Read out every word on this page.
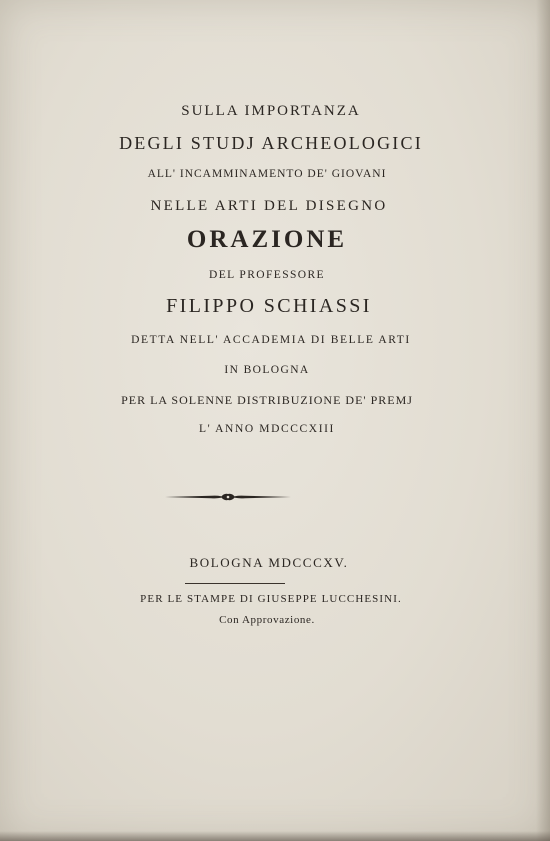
SULLA IMPORTANZA
DEGLI STUDJ ARCHEOLOGICI
ALL' INCAMMINAMENTO DE' GIOVANI
NELLE ARTI DEL DISEGNO
ORAZIONE
DEL PROFESSORE
FILIPPO SCHIASSI
DETTA NELL' ACCADEMIA DI BELLE ARTI
IN BOLOGNA
PER LA SOLENNE DISTRIBUZIONE DE' PREMJ
L' ANNO MDCCCXIII
BOLOGNA MDCCCXV.
PER LE STAMPE DI GIUSEPPE LUCCHESINI.
Con Approvazione.
